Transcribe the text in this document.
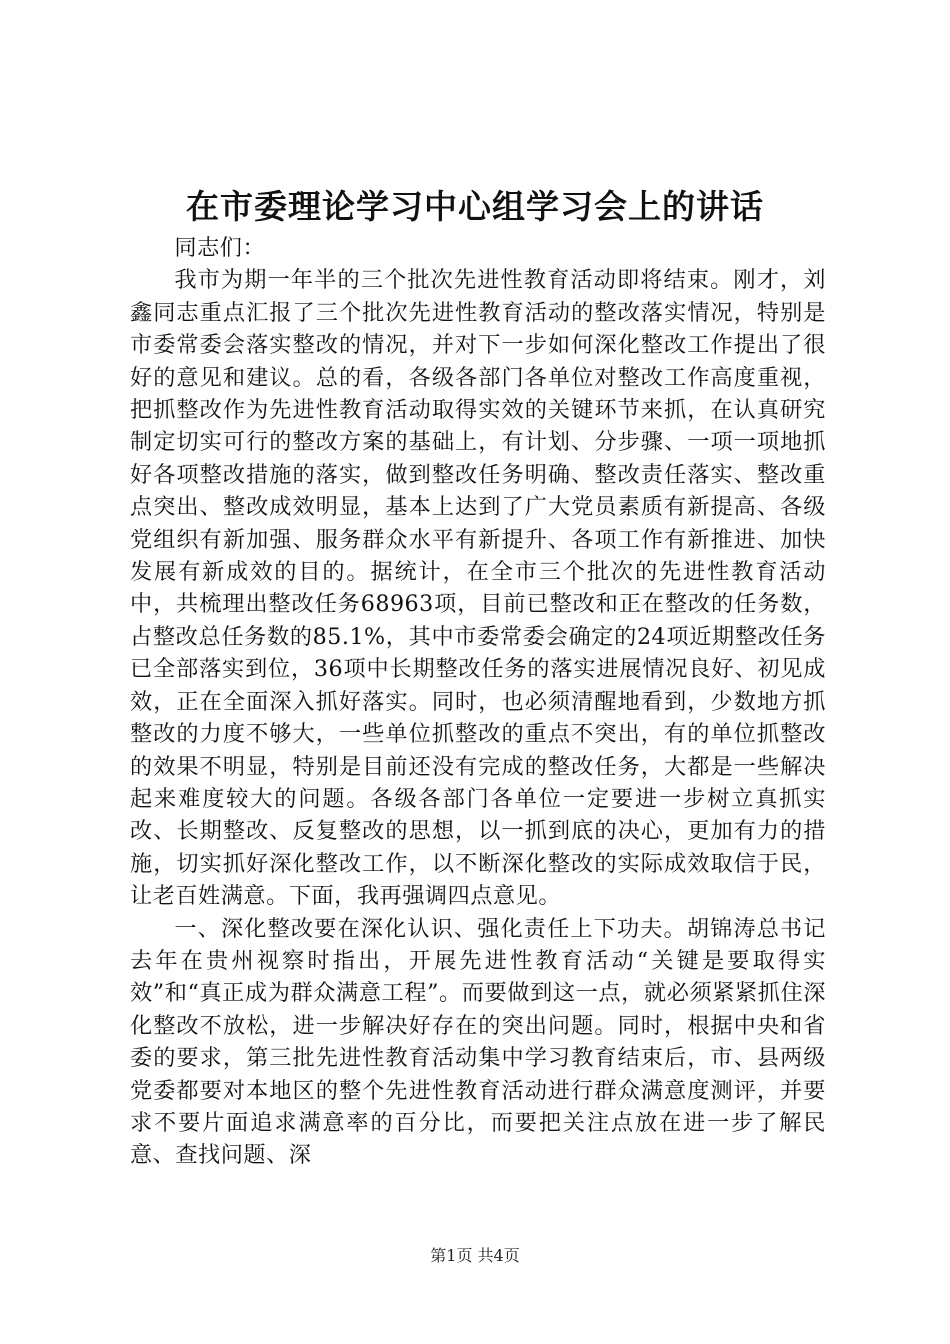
在市委理论学习中心组学习会上的讲话

同志们：

我市为期一年半的三个批次先进性教育活动即将结束。刚才，刘鑫同志重点汇报了三个批次先进性教育活动的整改落实情况，特别是市委常委会落实整改的情况，并对下一步如何深化整改工作提出了很好的意见和建议。总的看，各级各部门各单位对整改工作高度重视，把抓整改作为先进性教育活动取得实效的关键环节来抓，在认真研究制定切实可行的整改方案的基础上，有计划、分步骤、一项一项地抓好各项整改措施的落实，做到整改任务明确、整改责任落实、整改重点突出、整改成效明显，基本上达到了广大党员素质有新提高、各级党组织有新加强、服务群众水平有新提升、各项工作有新推进、加快发展有新成效的目的。据统计，在全市三个批次的先进性教育活动中，共梳理出整改任务68963项，目前已整改和正在整改的任务数，占整改总任务数的85.1%，其中市委常委会确定的24项近期整改任务已全部落实到位，36项中长期整改任务的落实进展情况良好、初见成效，正在全面深入抓好落实。同时，也必须清醒地看到，少数地方抓整改的力度不够大，一些单位抓整改的重点不突出，有的单位抓整改的效果不明显，特别是目前还没有完成的整改任务，大都是一些解决起来难度较大的问题。各级各部门各单位一定要进一步树立真抓实改、长期整改、反复整改的思想，以一抓到底的决心，更加有力的措施，切实抓好深化整改工作，以不断深化整改的实际成效取信于民，让老百姓满意。下面，我再强调四点意见。

一、深化整改要在深化认识、强化责任上下功夫。胡锦涛总书记去年在贵州视察时指出，开展先进性教育活动“关键是要取得实效”和“真正成为群众满意工程”。而要做到这一点，就必须紧紧抓住深化整改不放松，进一步解决好存在的突出问题。同时，根据中央和省委的要求，第三批先进性教育活动集中学习教育结束后，市、县两级党委都要对本地区的整个先进性教育活动进行群众满意度测评，并要求不要片面追求满意率的百分比，而要把关注点放在进一步了解民意、查找问题、深

第1页 共4页
